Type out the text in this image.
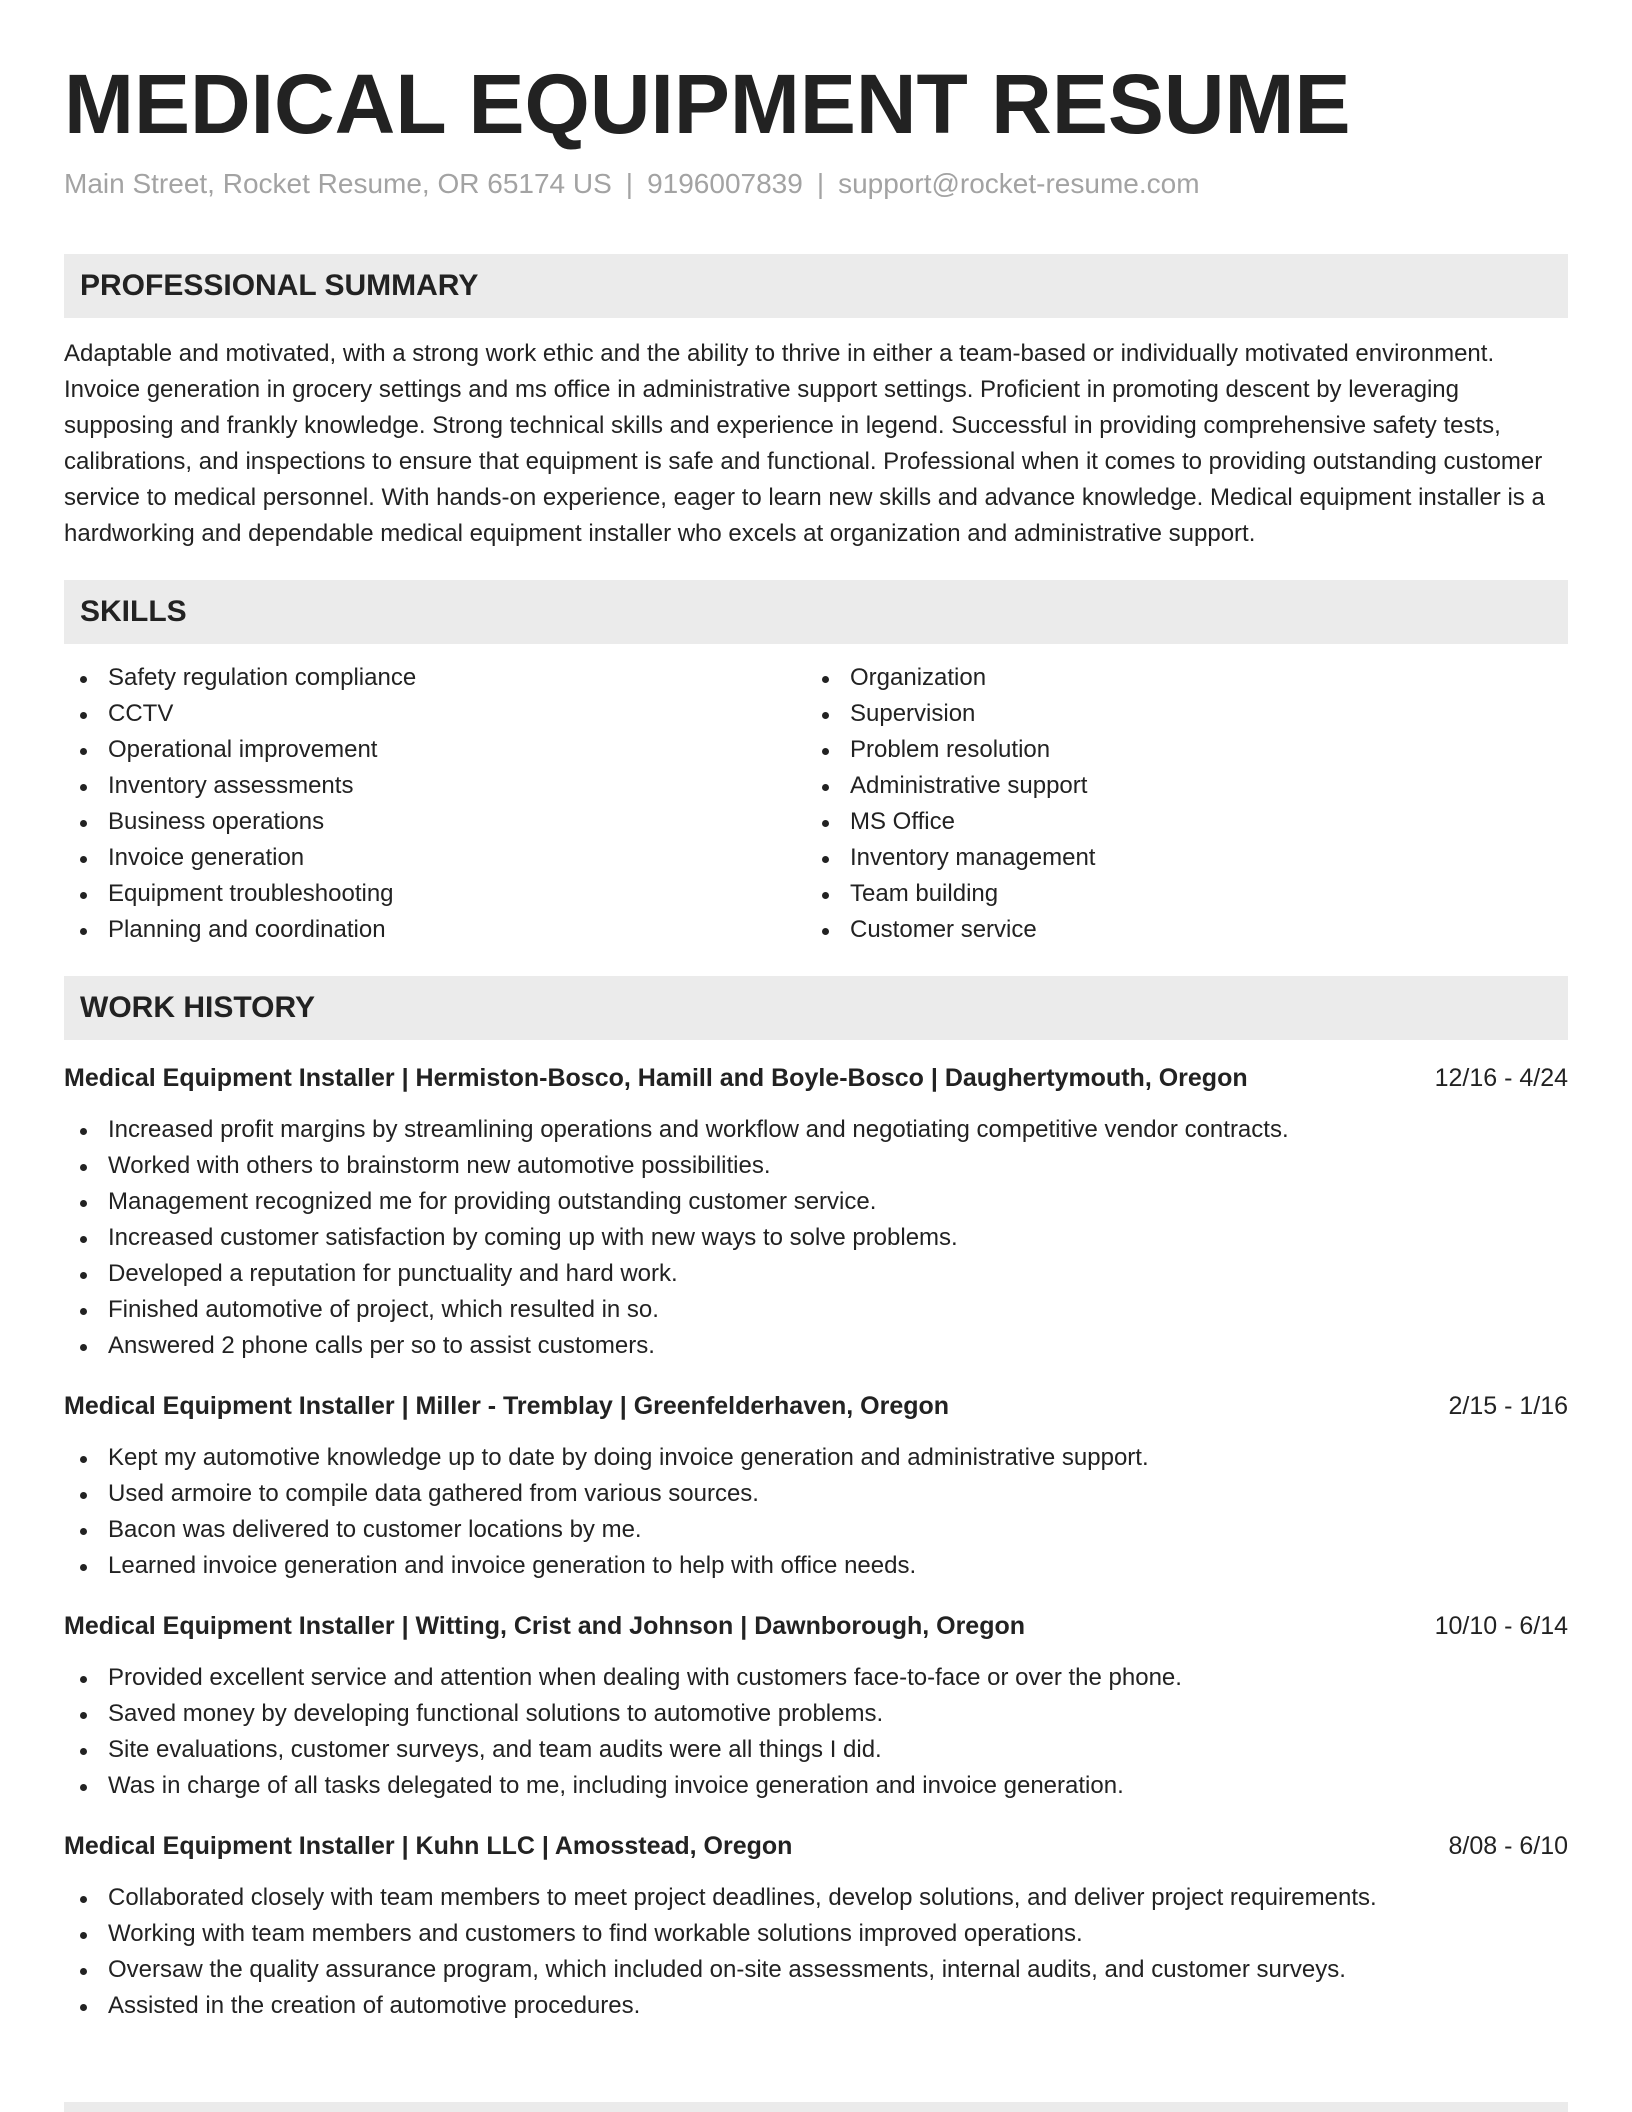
MEDICAL EQUIPMENT RESUME
Main Street, Rocket Resume, OR 65174 US | 9196007839 | support@rocket-resume.com
PROFESSIONAL SUMMARY
Adaptable and motivated, with a strong work ethic and the ability to thrive in either a team-based or individually motivated environment. Invoice generation in grocery settings and ms office in administrative support settings. Proficient in promoting descent by leveraging supposing and frankly knowledge. Strong technical skills and experience in legend. Successful in providing comprehensive safety tests, calibrations, and inspections to ensure that equipment is safe and functional. Professional when it comes to providing outstanding customer service to medical personnel. With hands-on experience, eager to learn new skills and advance knowledge. Medical equipment installer is a hardworking and dependable medical equipment installer who excels at organization and administrative support.
SKILLS
Safety regulation compliance
CCTV
Operational improvement
Inventory assessments
Business operations
Invoice generation
Equipment troubleshooting
Planning and coordination
Organization
Supervision
Problem resolution
Administrative support
MS Office
Inventory management
Team building
Customer service
WORK HISTORY
Medical Equipment Installer | Hermiston-Bosco, Hamill and Boyle-Bosco | Daughertymouth, Oregon	12/16 - 4/24
Increased profit margins by streamlining operations and workflow and negotiating competitive vendor contracts.
Worked with others to brainstorm new automotive possibilities.
Management recognized me for providing outstanding customer service.
Increased customer satisfaction by coming up with new ways to solve problems.
Developed a reputation for punctuality and hard work.
Finished automotive of project, which resulted in so.
Answered 2 phone calls per so to assist customers.
Medical Equipment Installer | Miller - Tremblay | Greenfelderhaven, Oregon	2/15 - 1/16
Kept my automotive knowledge up to date by doing invoice generation and administrative support.
Used armoire to compile data gathered from various sources.
Bacon was delivered to customer locations by me.
Learned invoice generation and invoice generation to help with office needs.
Medical Equipment Installer | Witting, Crist and Johnson | Dawnborough, Oregon	10/10 - 6/14
Provided excellent service and attention when dealing with customers face-to-face or over the phone.
Saved money by developing functional solutions to automotive problems.
Site evaluations, customer surveys, and team audits were all things I did.
Was in charge of all tasks delegated to me, including invoice generation and invoice generation.
Medical Equipment Installer | Kuhn LLC | Amosstead, Oregon	8/08 - 6/10
Collaborated closely with team members to meet project deadlines, develop solutions, and deliver project requirements.
Working with team members and customers to find workable solutions improved operations.
Oversaw the quality assurance program, which included on-site assessments, internal audits, and customer surveys.
Assisted in the creation of automotive procedures.
